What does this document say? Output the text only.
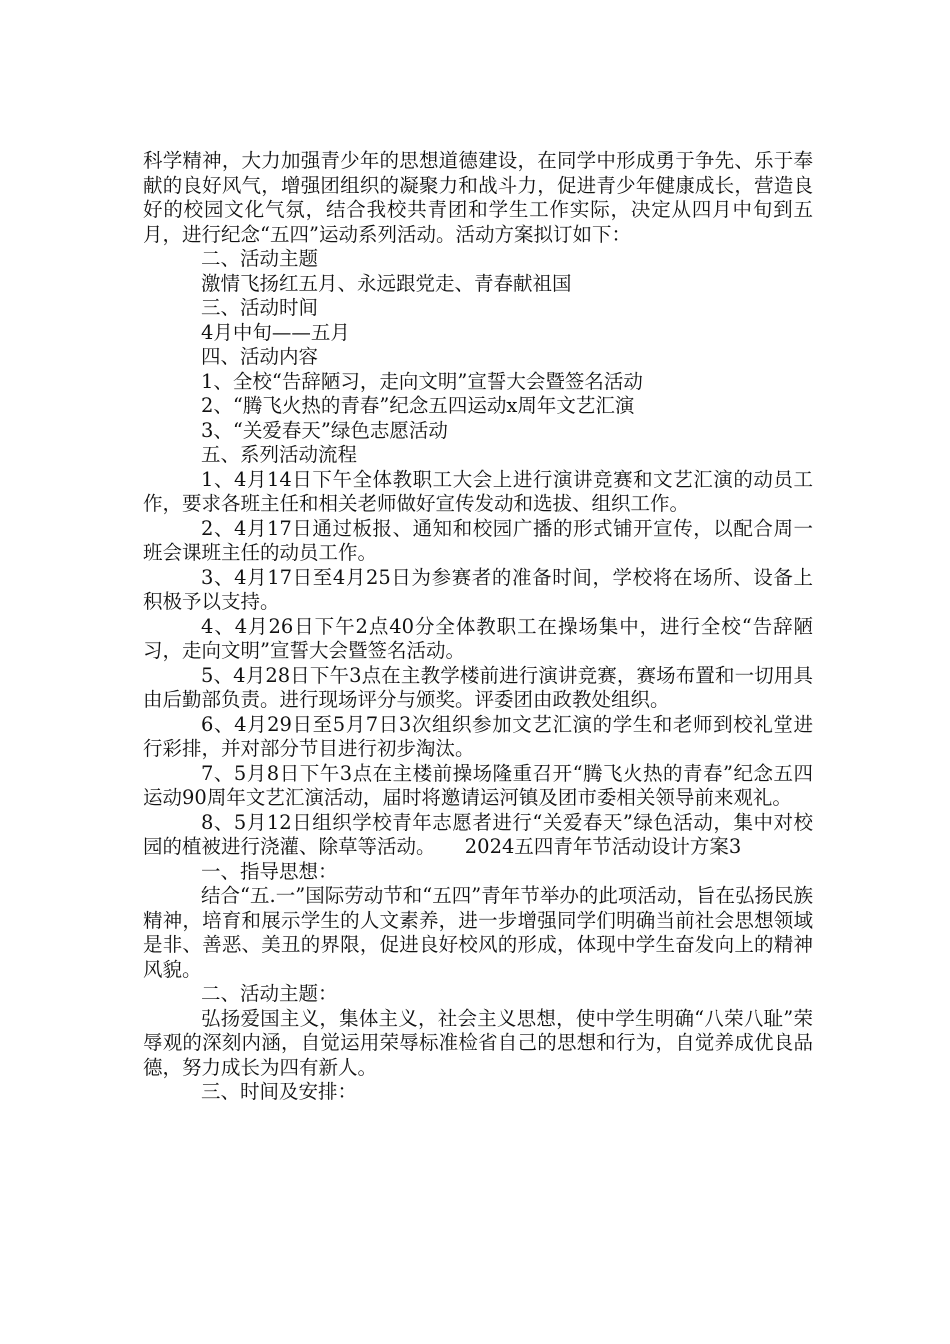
科学精神，大力加强青少年的思想道德建设，在同学中形成勇于争先、乐于奉献的良好风气，增强团组织的凝聚力和战斗力，促进青少年健康成长，营造良好的校园文化气氛，结合我校共青团和学生工作实际，决定从四月中旬到五月，进行纪念“五四”运动系列活动。活动方案拟订如下：

二、活动主题

激情飞扬红五月、永远跟党走、青春献祖国

三、活动时间

4月中旬——五月

四、活动内容

1、全校“告辞陋习，走向文明”宣誓大会暨签名活动

2、“腾飞火热的青春”纪念五四运动x周年文艺汇演

3、“关爱春天”绿色志愿活动

五、系列活动流程

1、4月14日下午全体教职工大会上进行演讲竞赛和文艺汇演的动员工作，要求各班主任和相关老师做好宣传发动和选拔、组织工作。

2、4月17日通过板报、通知和校园广播的形式铺开宣传，以配合周一班会课班主任的动员工作。

3、4月17日至4月25日为参赛者的准备时间，学校将在场所、设备上积极予以支持。

4、4月26日下午2点40分全体教职工在操场集中，进行全校“告辞陋习，走向文明”宣誓大会暨签名活动。

5、4月28日下午3点在主教学楼前进行演讲竞赛，赛场布置和一切用具由后勤部负责。进行现场评分与颁奖。评委团由政教处组织。

6、4月29日至5月7日3次组织参加文艺汇演的学生和老师到校礼堂进行彩排，并对部分节目进行初步淘汰。

7、5月8日下午3点在主楼前操场隆重召开“腾飞火热的青春”纪念五四运动90周年文艺汇演活动，届时将邀请运河镇及团市委相关领导前来观礼。

8、5月12日组织学校青年志愿者进行“关爱春天”绿色活动，集中对校园的植被进行浇灌、除草等活动。　　2024五四青年节活动设计方案3

一、指导思想：

结合“五.一”国际劳动节和“五四”青年节举办的此项活动，旨在弘扬民族精神，培育和展示学生的人文素养，进一步增强同学们明确当前社会思想领域是非、善恶、美丑的界限，促进良好校风的形成，体现中学生奋发向上的精神风貌。

二、活动主题：

弘扬爱国主义，集体主义，社会主义思想，使中学生明确“八荣八耻”荣辱观的深刻内涵，自觉运用荣辱标准检省自己的思想和行为，自觉养成优良品德，努力成长为四有新人。

三、时间及安排：
